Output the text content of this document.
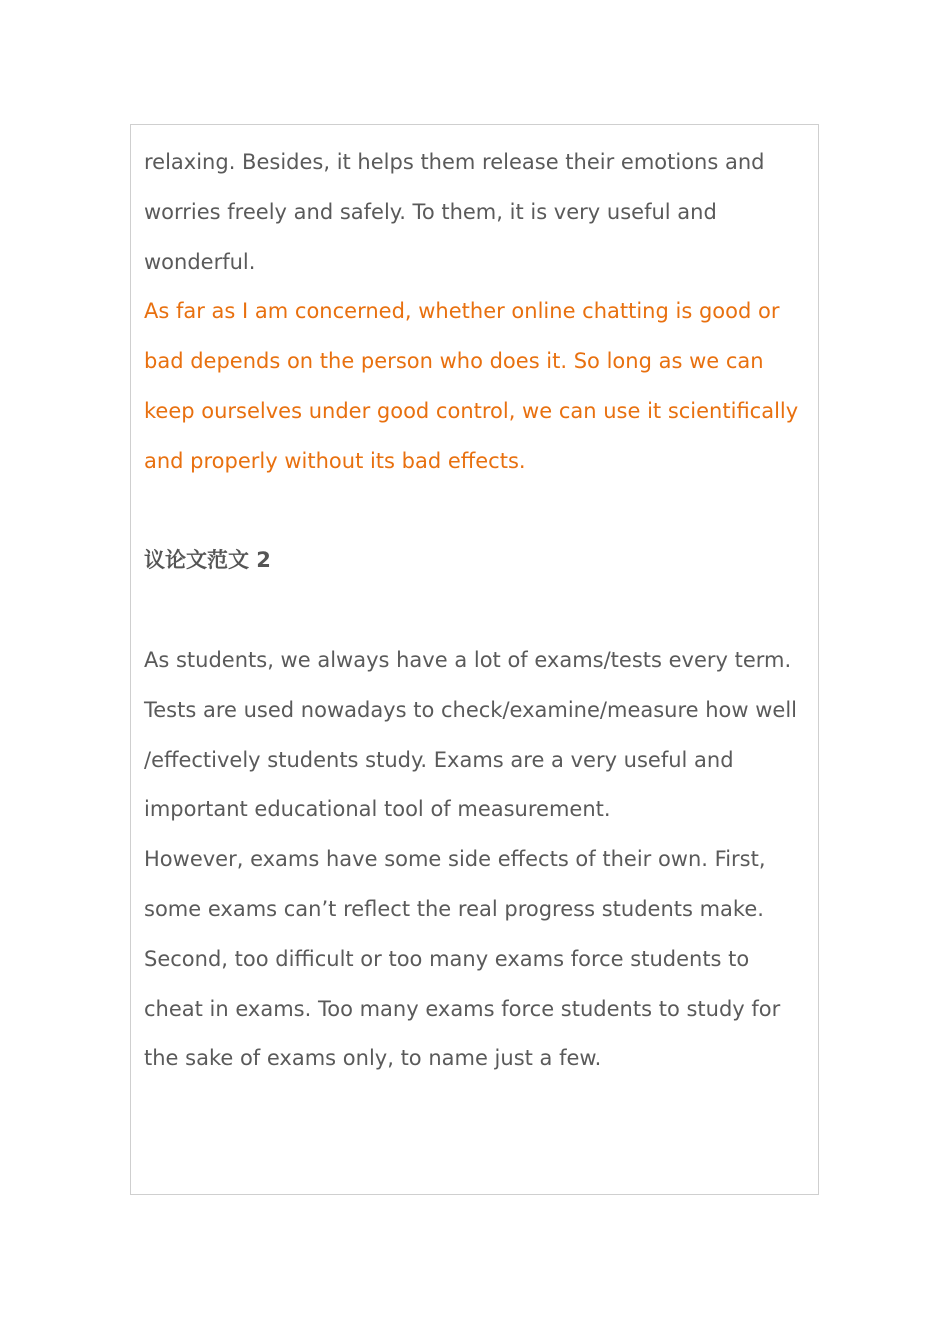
relaxing. Besides, it helps them release their emotions and worries freely and safely. To them, it is very useful and wonderful.

As far as I am concerned, whether online chatting is good or bad depends on the person who does it. So long as we can keep ourselves under good control, we can use it scientifically and properly without its bad effects.

议论文范文 2

As students, we always have a lot of exams/tests every term. Tests are used nowadays to check/examine/measure how well /effectively students study. Exams are a very useful and important educational tool of measurement.

However, exams have some side effects of their own. First, some exams can’t reflect the real progress students make. Second, too difficult or too many exams force students to cheat in exams. Too many exams force students to study for the sake of exams only, to name just a few.
